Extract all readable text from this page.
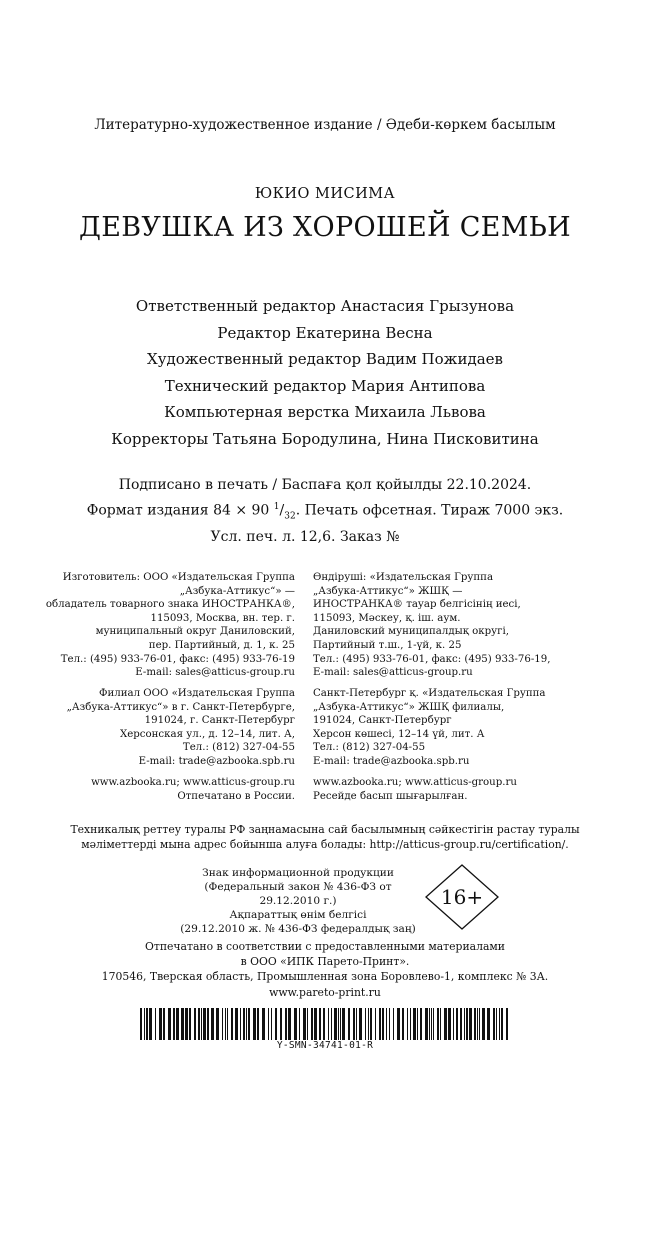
Литературно-художественное издание / Әдеби-көркем басылым
ЮКИО МИСИМА
ДЕВУШКА ИЗ ХОРОШЕЙ СЕМЬИ
Ответственный редактор Анастасия Грызунова
Редактор Екатерина Весна
Художественный редактор Вадим Пожидаев
Технический редактор Мария Антипова
Компьютерная верстка Михаила Львова
Корректоры Татьяна Бородулина, Нина Писковитина
Подписано в печать / Баспаға қол қойылды 22.10.2024.
Формат издания 84 × 90 $^1/_{32}$. Печать офсетная. Тираж 7000 экз.
Усл. печ. л. 12,6. Заказ №
Изготовитель: ООО «Издательская Группа
„Азбука-Аттикус“» —
обладатель товарного знака ИНОСТРАНКА®,
115093, Москва, вн. тер. г.
муниципальный округ Даниловский,
пер. Партийный, д. 1, к. 25
Тел.: (495) 933-76-01, факс: (495) 933-76-19
E-mail: sales@atticus-group.ru
Өндіруші: «Издательская Группа
„Азбука-Аттикус“» ЖШҚ —
ИНОСТРАНКА® тауар белгісінің иесі,
115093, Мәскеу, қ. іш. аум.
Даниловский муниципалдық округі,
Партийный т.ш., 1-үй, к. 25
Тел.: (495) 933-76-01, факс: (495) 933-76-19,
E-mail: sales@atticus-group.ru
Филиал ООО «Издательская Группа
„Азбука-Аттикус“» в г. Санкт-Петербурге,
191024, г. Санкт-Петербург
Херсонская ул., д. 12–14, лит. А,
Тел.: (812) 327-04-55
E-mail: trade@azbooka.spb.ru
Санкт-Петербург қ. «Издательская Группа
„Азбука-Аттикус“» ЖШҚ филиалы,
191024, Санкт-Петербург
Херсон көшесі, 12–14 үй, лит. А
Тел.: (812) 327-04-55
E-mail: trade@azbooka.spb.ru
www.azbooka.ru; www.atticus-group.ru
Отпечатано в России.
www.azbooka.ru; www.atticus-group.ru
Ресейде басып шығарылған.
Техникалық реттеу туралы РФ заңнамасына сай басылымның сәйкестігін растау туралы
мәліметтерді мына адрес бойынша алуға болады: http://atticus-group.ru/certification/.
Знак информационной продукции
(Федеральный закон № 436-ФЗ от 29.12.2010 г.)
Ақпараттық өнім белгісі
(29.12.2010 ж. № 436-ФЗ федералдық заң)
16+
Отпечатано в соответствии с предоставленными материалами
в ООО «ИПК Парето-Принт».
170546, Тверская область, Промышленная зона Боровлево-1, комплекс № 3А.
www.pareto-print.ru
Y-SMN-34741-01-R
